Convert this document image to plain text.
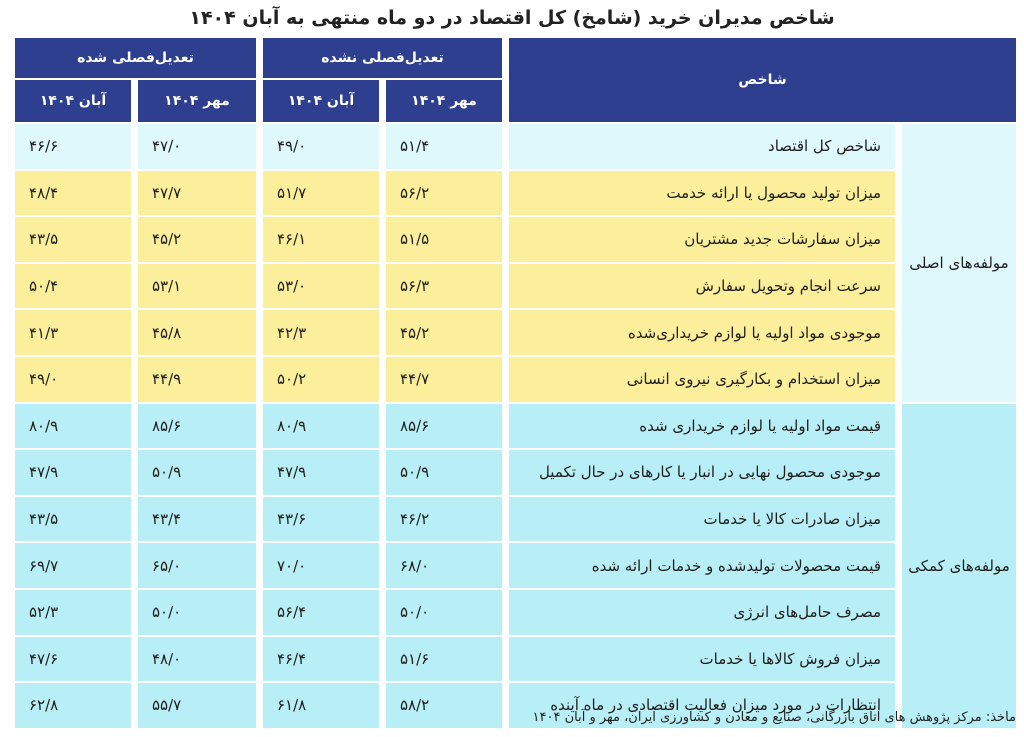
شاخص مدیران خرید (شامخ) کل اقتصاد در دو ماه منتهی به آبان ۱۴۰۴
شاخص
تعدیل‌فصلی نشده
تعدیل‌فصلی شده
مهر ۱۴۰۴
آبان ۱۴۰۴
مهر ۱۴۰۴
آبان ۱۴۰۴
مولفه‌های اصلی
مولفه‌های کمکی
شاخص کل اقتصاد
۵۱/۴
۴۹/۰
۴۷/۰
۴۶/۶
میزان تولید محصول یا ارائه خدمت
۵۶/۲
۵۱/۷
۴۷/۷
۴۸/۴
میزان سفارشات جدید مشتریان
۵۱/۵
۴۶/۱
۴۵/۲
۴۳/۵
سرعت انجام وتحویل سفارش
۵۶/۳
۵۳/۰
۵۳/۱
۵۰/۴
موجودی مواد اولیه یا لوازم خریداری‌شده
۴۵/۲
۴۲/۳
۴۵/۸
۴۱/۳
میزان استخدام و بکارگیری نیروی انسانی
۴۴/۷
۵۰/۲
۴۴/۹
۴۹/۰
قیمت مواد اولیه یا لوازم خریداری شده
۸۵/۶
۸۰/۹
۸۵/۶
۸۰/۹
موجودی محصول نهایی در انبار یا کارهای در حال تکمیل
۵۰/۹
۴۷/۹
۵۰/۹
۴۷/۹
میزان صادرات کالا یا خدمات
۴۶/۲
۴۳/۶
۴۳/۴
۴۳/۵
قیمت محصولات تولیدشده و خدمات ارائه شده
۶۸/۰
۷۰/۰
۶۵/۰
۶۹/۷
مصرف حامل‌های انرژی
۵۰/۰
۵۶/۴
۵۰/۰
۵۲/۳
میزان فروش کالاها یا خدمات
۵۱/۶
۴۶/۴
۴۸/۰
۴۷/۶
انتظارات در مورد میزان فعالیت اقتصادی در ماه آینده
۵۸/۲
۶۱/۸
۵۵/۷
۶۲/۸
ماخذ: مرکز پژوهش های اتاق بازرگانی، صنایع و معادن و کشاورزی ایران، مهر و آبان ۱۴۰۴
